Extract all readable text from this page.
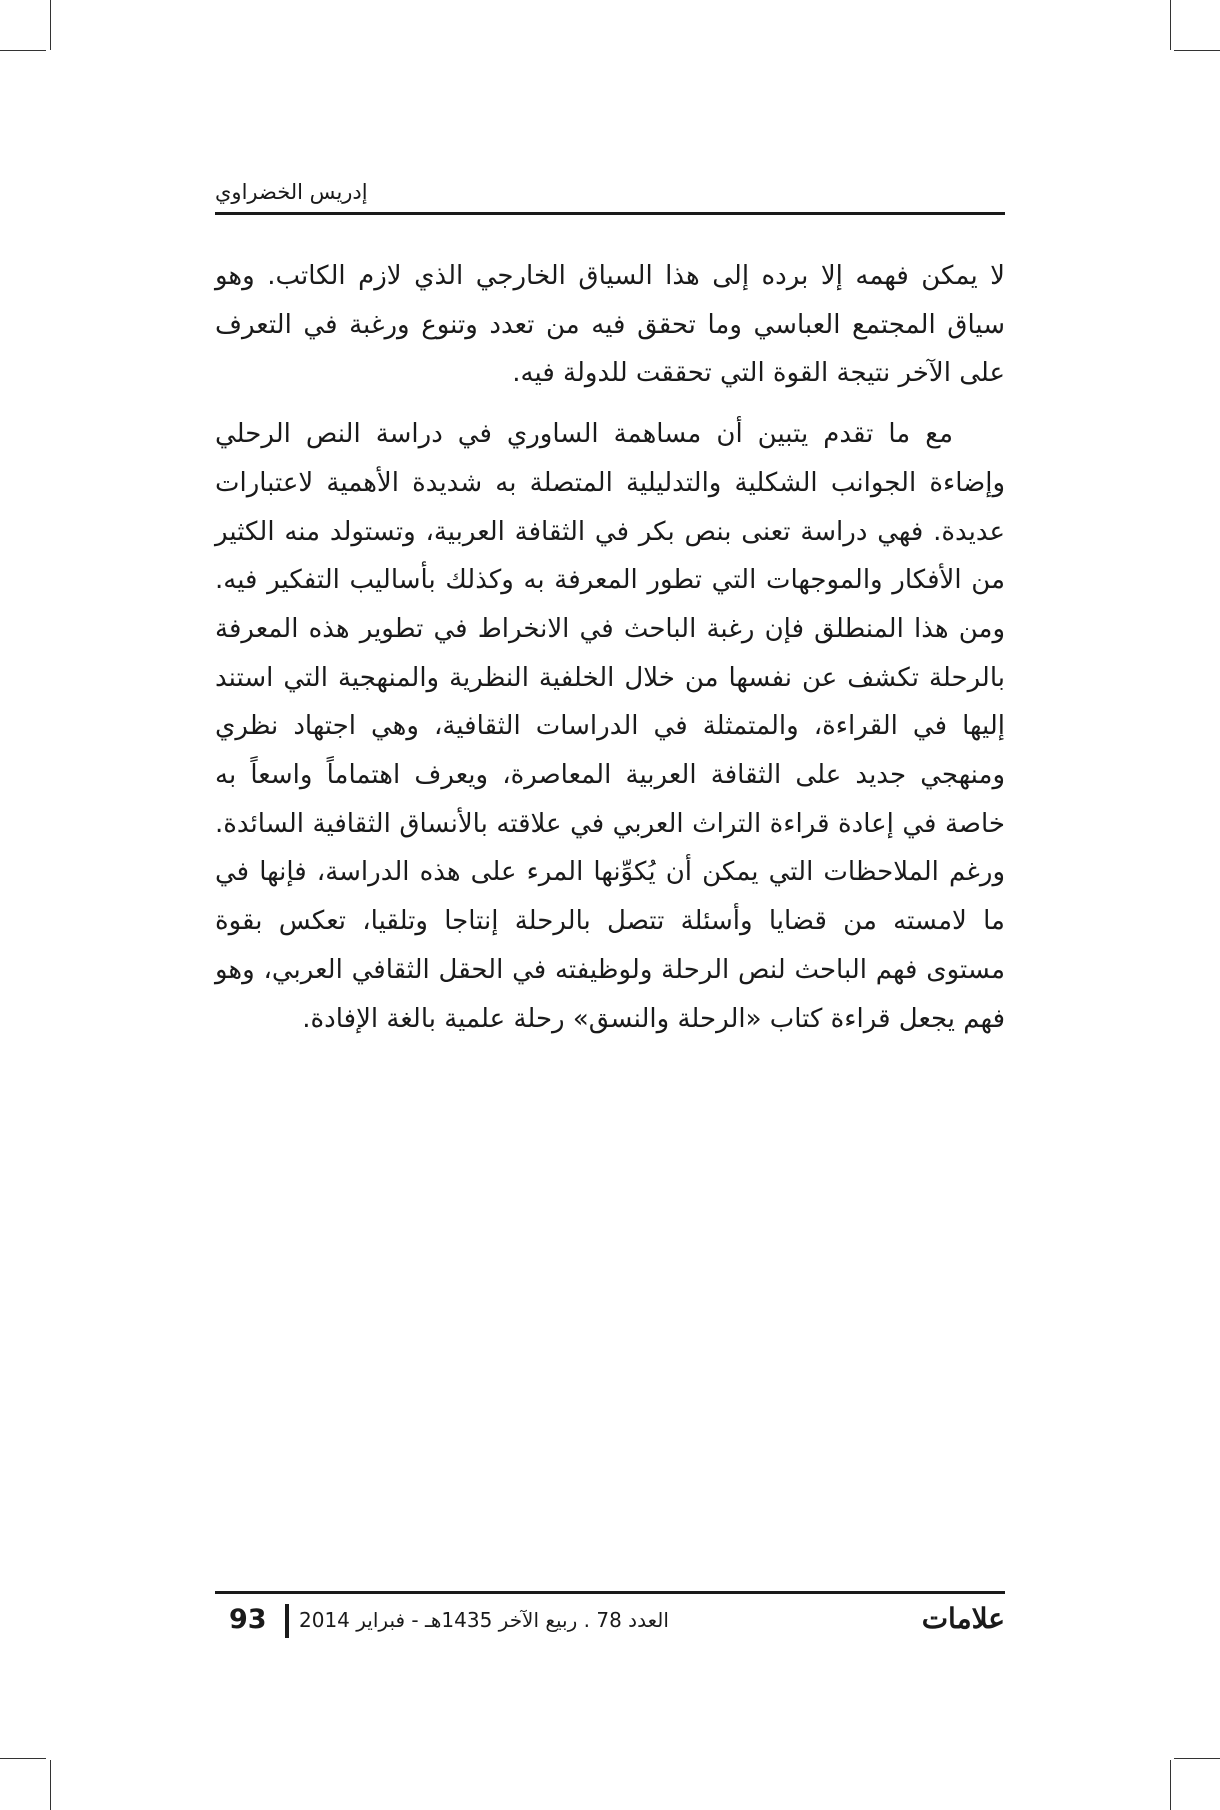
إدريس الخضراوي

لا يمكن فهمه إلا برده إلى هذا السياق الخارجي الذي لازم الكاتب. وهو سياق المجتمع العباسي وما تحقق فيه من تعدد وتنوع ورغبة في التعرف على الآخر نتيجة القوة التي تحققت للدولة فيه.

مع ما تقدم يتبين أن مساهمة الساوري في دراسة النص الرحلي وإضاءة الجوانب الشكلية والتدليلية المتصلة به شديدة الأهمية لاعتبارات عديدة. فهي دراسة تعنى بنص بكر في الثقافة العربية، وتستولد منه الكثير من الأفكار والموجهات التي تطور المعرفة به وكذلك بأساليب التفكير فيه. ومن هذا المنطلق فإن رغبة الباحث في الانخراط في تطوير هذه المعرفة بالرحلة تكشف عن نفسها من خلال الخلفية النظرية والمنهجية التي استند إليها في القراءة، والمتمثلة في الدراسات الثقافية، وهي اجتهاد نظري ومنهجي جديد على الثقافة العربية المعاصرة، ويعرف اهتماماً واسعاً به خاصة في إعادة قراءة التراث العربي في علاقته بالأنساق الثقافية السائدة. ورغم الملاحظات التي يمكن أن يُكوِّنها المرء على هذه الدراسة، فإنها في ما لامسته من قضايا وأسئلة تتصل بالرحلة إنتاجا وتلقيا، تعكس بقوة مستوى فهم الباحث لنص الرحلة ولوظيفته في الحقل الثقافي العربي، وهو فهم يجعل قراءة كتاب «الرحلة والنسق» رحلة علمية بالغة الإفادة.

93 العدد 78 . ربيع الآخر 1435هـ - فبراير 2014	علامات
